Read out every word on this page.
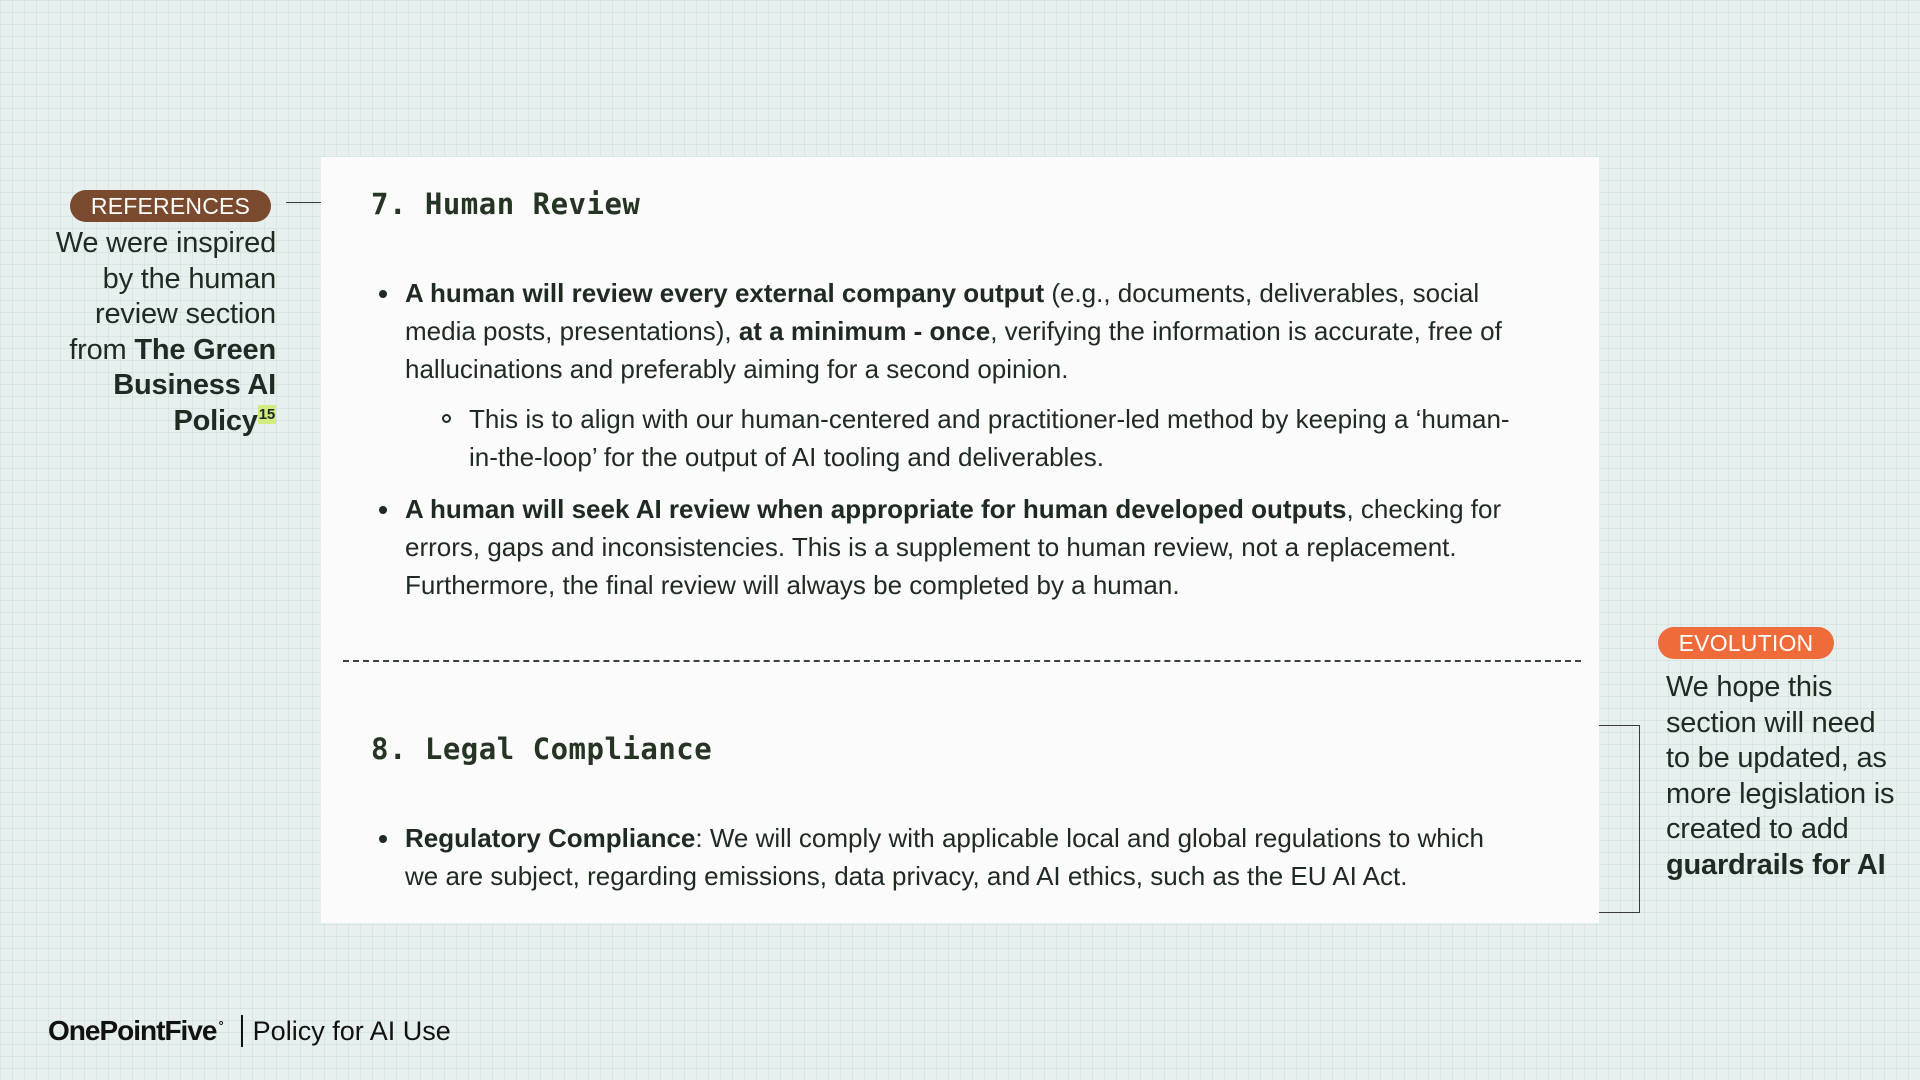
REFERENCES
We were inspired by the human review section from The Green Business AI Policy$^{15}$
7. Human Review
A human will review every external company output (e.g., documents, deliverables, social media posts, presentations), at a minimum - once, verifying the information is accurate, free of hallucinations and preferably aiming for a second opinion.
This is to align with our human-centered and practitioner-led method by keeping a ‘human-in-the-loop’ for the output of AI tooling and deliverables.
A human will seek AI review when appropriate for human developed outputs, checking for errors, gaps and inconsistencies. This is a supplement to human review, not a replacement. Furthermore, the final review will always be completed by a human.
8. Legal Compliance
Regulatory Compliance: We will comply with applicable local and global regulations to which we are subject, regarding emissions, data privacy, and AI ethics, such as the EU AI Act.
EVOLUTION
We hope this section will need to be updated, as more legislation is created to add guardrails for AI
OnePointFive ° Policy for AI Use
